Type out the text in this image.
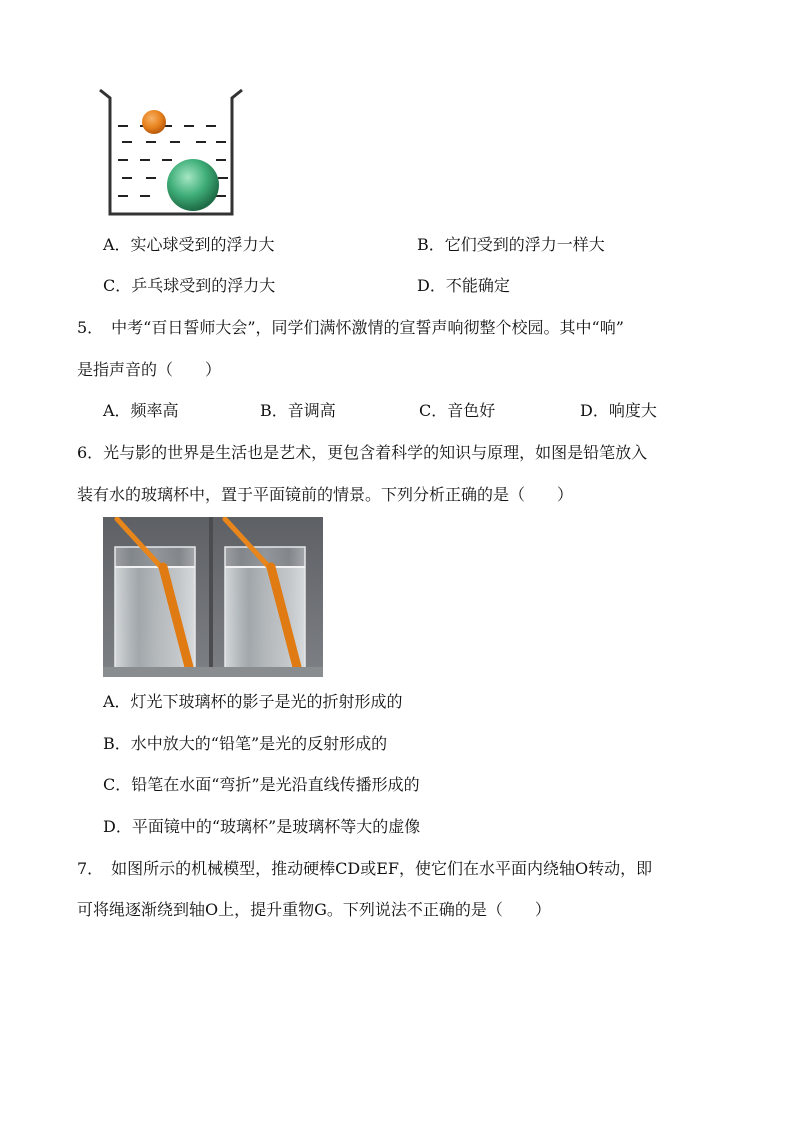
A．实心球受到的浮力大	B．它们受到的浮力一样大
C．乒乓球受到的浮力大	D．不能确定
5．　中考“百日誓师大会”，同学们满怀激情的宣誓声响彻整个校园。其中“响”
是指声音的（　　）
A．频率高	B．音调高	C．音色好	D．响度大
6．光与影的世界是生活也是艺术，更包含着科学的知识与原理，如图是铅笔放入
装有水的玻璃杯中，置于平面镜前的情景。下列分析正确的是（　　）
A．灯光下玻璃杯的影子是光的折射形成的
B．水中放大的“铅笔”是光的反射形成的
C．铅笔在水面“弯折”是光沿直线传播形成的
D．平面镜中的“玻璃杯”是玻璃杯等大的虚像
7．　如图所示的机械模型，推动硬棒CD或EF，使它们在水平面内绕轴O转动，即
可将绳逐渐绕到轴O上，提升重物G。下列说法不正确的是（　　）
